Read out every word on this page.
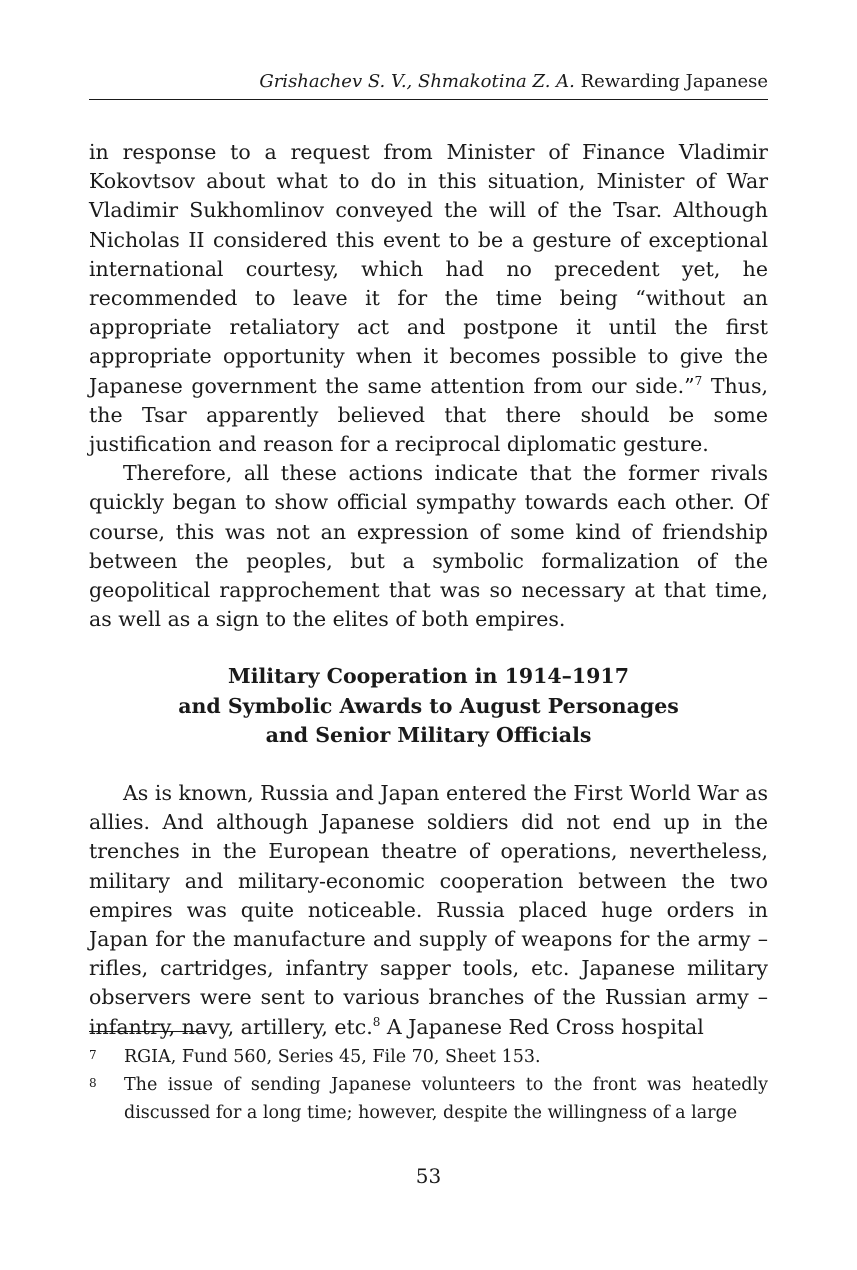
Grishachev S. V., Shmakotina Z. A. Rewarding Japanese

in response to a request from Minister of Finance Vladimir Kokovtsov about what to do in this situation, Minister of War Vladimir Sukhomlinov conveyed the will of the Tsar. Although Nicholas II considered this event to be a gesture of exceptional international courtesy, which had no precedent yet, he recommended to leave it for the time being “without an appropriate retaliatory act and postpone it until the first appropriate opportunity when it becomes possible to give the Japanese government the same attention from our side.”$^7$ Thus, the Tsar apparently believed that there should be some justification and reason for a reciprocal diplomatic gesture.

Therefore, all these actions indicate that the former rivals quickly began to show official sympathy towards each other. Of course, this was not an expression of some kind of friendship between the peoples, but a symbolic formalization of the geopolitical rapprochement that was so necessary at that time, as well as a sign to the elites of both empires.

Military Cooperation in 1914–1917
and Symbolic Awards to August Personages
and Senior Military Officials

As is known, Russia and Japan entered the First World War as allies. And although Japanese soldiers did not end up in the trenches in the European theatre of operations, nevertheless, military and military-economic cooperation between the two empires was quite noticeable. Russia placed huge orders in Japan for the manufacture and supply of weapons for the army – rifles, cartridges, infantry sapper tools, etc. Japanese military observers were sent to various branches of the Russian army – infantry, navy, artillery, etc.$^8$ A Japanese Red Cross hospital

7 RGIA, Fund 560, Series 45, File 70, Sheet 153.
8 The issue of sending Japanese volunteers to the front was heatedly discussed for a long time; however, despite the willingness of a large
53
